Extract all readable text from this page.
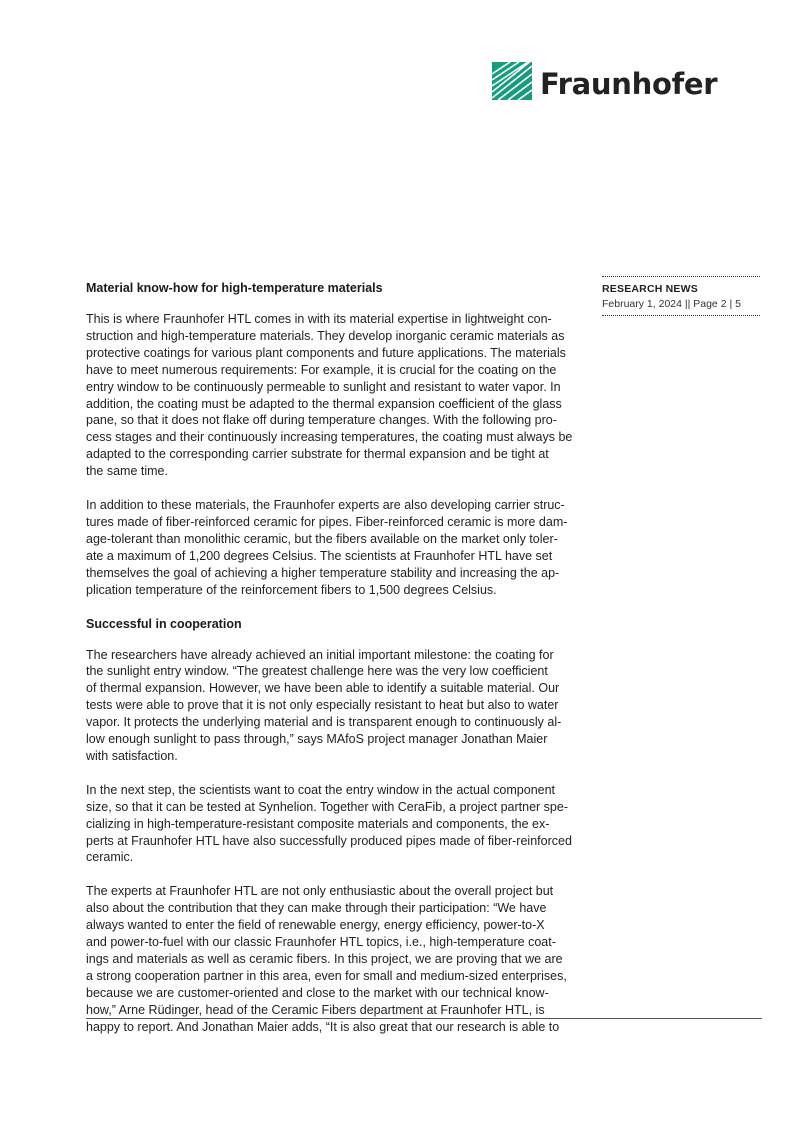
Fraunhofer
RESEARCH NEWS
February 1, 2024 || Page 2 | 5
Material know-how for high-temperature materials

This is where Fraunhofer HTL comes in with its material expertise in lightweight con-
struction and high-temperature materials. They develop inorganic ceramic materials as
protective coatings for various plant components and future applications. The materials
have to meet numerous requirements: For example, it is crucial for the coating on the
entry window to be continuously permeable to sunlight and resistant to water vapor. In
addition, the coating must be adapted to the thermal expansion coefficient of the glass
pane, so that it does not flake off during temperature changes. With the following pro-
cess stages and their continuously increasing temperatures, the coating must always be
adapted to the corresponding carrier substrate for thermal expansion and be tight at
the same time.

In addition to these materials, the Fraunhofer experts are also developing carrier struc-
tures made of fiber-reinforced ceramic for pipes. Fiber-reinforced ceramic is more dam-
age-tolerant than monolithic ceramic, but the fibers available on the market only toler-
ate a maximum of 1,200 degrees Celsius. The scientists at Fraunhofer HTL have set
themselves the goal of achieving a higher temperature stability and increasing the ap-
plication temperature of the reinforcement fibers to 1,500 degrees Celsius.

Successful in cooperation

The researchers have already achieved an initial important milestone: the coating for
the sunlight entry window. “The greatest challenge here was the very low coefficient
of thermal expansion. However, we have been able to identify a suitable material. Our
tests were able to prove that it is not only especially resistant to heat but also to water
vapor. It protects the underlying material and is transparent enough to continuously al-
low enough sunlight to pass through,” says MAfoS project manager Jonathan Maier
with satisfaction.

In the next step, the scientists want to coat the entry window in the actual component
size, so that it can be tested at Synhelion. Together with CeraFib, a project partner spe-
cializing in high-temperature-resistant composite materials and components, the ex-
perts at Fraunhofer HTL have also successfully produced pipes made of fiber-reinforced
ceramic.

The experts at Fraunhofer HTL are not only enthusiastic about the overall project but
also about the contribution that they can make through their participation: “We have
always wanted to enter the field of renewable energy, energy efficiency, power-to-X
and power-to-fuel with our classic Fraunhofer HTL topics, i.e., high-temperature coat-
ings and materials as well as ceramic fibers. In this project, we are proving that we are
a strong cooperation partner in this area, even for small and medium-sized enterprises,
because we are customer-oriented and close to the market with our technical know-
how,” Arne Rüdinger, head of the Ceramic Fibers department at Fraunhofer HTL, is
happy to report. And Jonathan Maier adds, “It is also great that our research is able to
